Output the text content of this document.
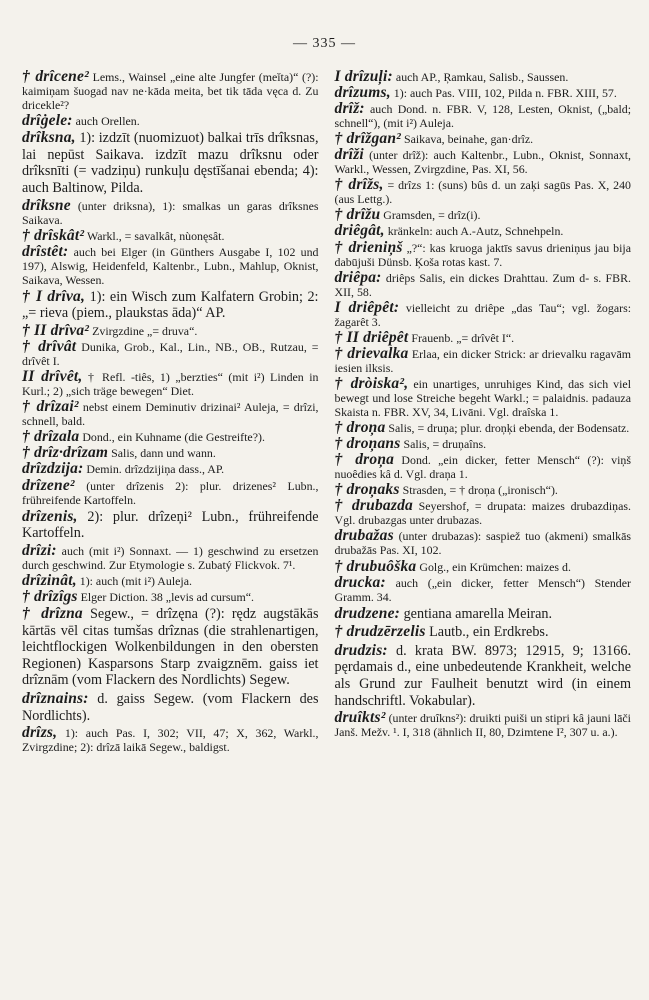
— 335 —

† drîcene² Lems., Wainsel „eine alte Jungfer (meĭta)“ (?): kaimiņam šuogad nav ne·kāda meita, bet tik tāda vęca d. Zu dricekle²?

drîġele: auch Orellen.

drîksna, 1): izdzīt (nuomizuot) balkai trīs drîksnas, lai nepūst Saikava. izdzīt mazu drîksnu oder drîksnīti (= vadziņu) runkuļu dęstīšanai ebenda; 4): auch Baltinow, Pilda.

drîksne (unter driksna), 1): smalkas un garas drîksnes Saikava.

† drîskât² Warkl., = savalkât, nùonęsât.

drîstêt: auch bei Elger (in Günthers Ausgabe I, 102 und 197), Alswig, Heidenfeld, Kaltenbr., Lubn., Mahlup, Oknist, Saikava, Wessen.

† I drîva, 1): ein Wisch zum Kalfatern Grobin; 2: „= rieva (piem., plaukstas āda)“ AP.

† II drîva² Zvirgzdine „= druva“.

† drîvât Dunika, Grob., Kal., Lin., NB., OB., Rutzau, = drîvêt I.

II drîvêt, † Refl. -tiês, 1) „berzties“ (mit i²) Linden in Kurl.; 2) „sich träge bewegen“ Diet.

† drîzai² nebst einem Deminutiv drizinai² Auleja, = drîzi, schnell, bald.

† drîzala Dond., ein Kuhname (die Gestreifte?).

† drîz·drîzam Salis, dann und wann.

drîzdzija: Demin. drîzdzijiņa dass., AP.

drîzene² (unter drîzenis 2): plur. drizenes² Lubn., frühreifende Kartoffeln.

drîzenis, 2): plur. drîzeņi² Lubn., frühreifende Kartoffeln.

drîzi: auch (mit i²) Sonnaxt. — 1) geschwind zu ersetzen durch geschwind. Zur Etymologie s. Zubatý Flickvok. 7¹.

drîzinât, 1): auch (mit i²) Auleja.

† drîzîgs Elger Diction. 38 „levis ad cursum“.

† drîzna Segew., = drîzęna (?): rędz augstākās kārtās vēl citas tumšas drîznas (die strahlenartigen, leichtflockigen Wolkenbildungen in den obersten Regionen) Kasparsons Starp zvaigznēm. gaiss iet drîznām (vom Flackern des Nordlichts) Segew.

drîznains: d. gaiss Segew. (vom Flackern des Nordlichts).

drîzs, 1): auch Pas. I, 302; VII, 47; X, 362, Warkl., Zvirgzdine; 2): drîzā laikā Segew., baldigst.

I drîzuļi: auch AP., Ŗamkau, Salisb., Saussen.

drîzums, 1): auch Pas. VIII, 102, Pilda n. FBR. XIII, 57.

drîž: auch Dond. n. FBR. V, 128, Lesten, Oknist, („bald; schnell“), (mit i²) Auleja.

† drîžgan² Saikava, beinahe, gan·drîz.

drîži (unter drîž): auch Kaltenbr., Lubn., Oknist, Sonnaxt, Warkl., Wessen, Zvirgzdine, Pas. XI, 56.

† drîžs, = drîzs 1: (suns) bûs d. un zaķi sagūs Pas. X, 240 (aus Lettg.).

† drîžu Gramsden, = drîz(i).

driêgât, kränkeln: auch A.-Autz, Schnehpeln.

† drieniņš „?“: kas kruoga jaktīs savus drieniņus jau bija dabūjuši Dünsb. Ķoša rotas kast. 7.

driêpa: driêps Salis, ein dickes Drahttau. Zum d- s. FBR. XII, 58.

I driêpêt: vielleicht zu driêpe „das Tau“; vgl. žogars: žagarêt 3.

† II driêpêt Frauenb. „= drîvêt I“.

† drievalka Erlaa, ein dicker Strick: ar drievalku ragavām iesien ilksis.

† dròiska², ein unartiges, unruhiges Kind, das sich viel bewegt und lose Streiche begeht Warkl.; = palaidnis. padauza Skaista n. FBR. XV, 34, Livāni. Vgl. draîska 1.

† droņa Salis, = druņa; plur. droņķi ebenda, der Bodensatz.

† droņans Salis, = druņaîns.

† droņa Dond. „ein dicker, fetter Mensch“ (?): viņš nuoêdies kâ d. Vgl. draņa 1.

† droņaks Strasden, = † droņa („ironisch“).

† drubazda Seyershof, = drupata: maizes drubazdiņas. Vgl. drubazgas unter drubazas.

drubažas (unter drubazas): saspiež tuo (akmeni) smalkās drubažās Pas. XI, 102.

† drubuôška Golg., ein Krümchen: maizes d.

drucka: auch („ein dicker, fetter Mensch“) Stender Gramm. 34.

drudzene: gentiana amarella Meiran.

† drudzērzelis Lautb., ein Erdkrebs.

drudzis: d. krata BW. 8973; 12915, 9; 13166. pęrdamais d., eine unbedeutende Krankheit, welche als Grund zur Faulheit benutzt wird (in einem handschriftl. Vokabular).

druîkts² (unter druîkns²): druikti puiši un stipri kâ jauni lāči Janš. Mežv. ¹. I, 318 (ähnlich II, 80, Dzimtene I², 307 u. a.).
